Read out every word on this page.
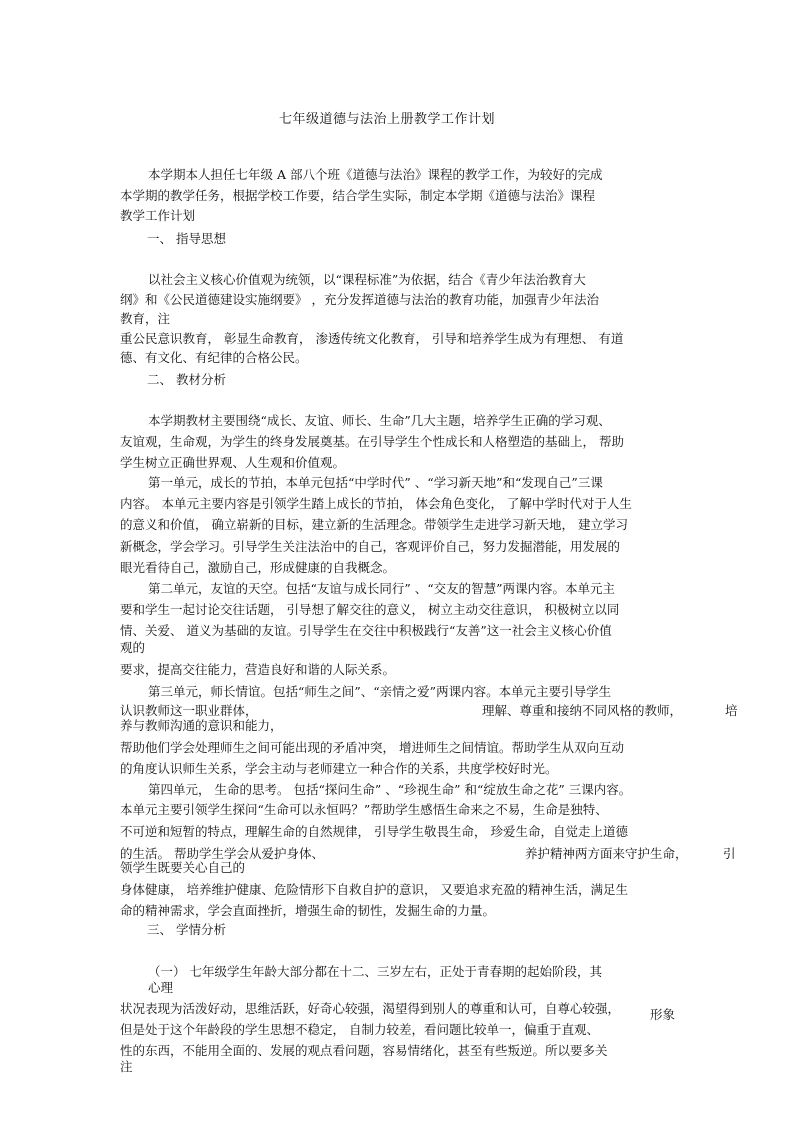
七年级道德与法治上册教学工作计划
本学期本人担任七年级 A 部八个班《道德与法治》课程的教学工作，为较好的完成
本学期的教学任务，根据学校工作要，结合学生实际，制定本学期《道德与法治》课程
教学工作计划
一、 指导思想
以社会主义核心价值观为统领，以“课程标准”为依据，结合《青少年法治教育大
纲》和《公民道德建设实施纲要》 ，充分发挥道德与法治的教育功能，加强青少年法治
教育，注
重公民意识教育， 彰显生命教育， 渗透传统文化教育， 引导和培养学生成为有理想、 有道
德、有文化、有纪律的合格公民。
二、 教材分析
本学期教材主要围绕“成长、友谊、师长、生命”几大主题，培养学生正确的学习观、
友谊观，生命观，为学生的终身发展奠基。在引导学生个性成长和人格塑造的基础上， 帮助
学生树立正确世界观、人生观和价值观。
第一单元，成长的节拍，本单元包括“中学时代” 、“学习新天地”和“发现自己”三课
内容。 本单元主要内容是引领学生踏上成长的节拍， 体会角色变化， 了解中学时代对于人生
的意义和价值， 确立崭新的目标，建立新的生活理念。带领学生走进学习新天地， 建立学习
新概念，学会学习。引导学生关注法治中的自己，客观评价自己，努力发掘潜能，用发展的
眼光看待自己，激励自己，形成健康的自我概念。
第二单元，友谊的天空。包括“友谊与成长同行” 、“交友的智慧”两课内容。本单元主
要和学生一起讨论交往话题， 引导想了解交往的意义， 树立主动交往意识， 积极树立以同
情、关爱、 道义为基础的友谊。引导学生在交往中积极践行“友善”这一社会主义核心价值
观的
要求，提高交往能力，营造良好和谐的人际关系。
第三单元，师长情谊。包括“师生之间”、“亲情之爱”两课内容。本单元主要引导学生
认识教师这一职业群体，	理解、尊重和接纳不同风格的教师，	培
养与教师沟通的意识和能力，
帮助他们学会处理师生之间可能出现的矛盾冲突， 增进师生之间情谊。帮助学生从双向互动
的角度认识师生关系，学会主动与老师建立一种合作的关系，共度学校好时光。
第四单元， 生命的思考。 包括“探问生命” 、“珍视生命” 和“绽放生命之花” 三课内容。
本单元主要引领学生探问“生命可以永恒吗？”帮助学生感悟生命来之不易，生命是独特、
不可逆和短暂的特点，理解生命的自然规律， 引导学生敬畏生命， 珍爱生命，自觉走上道德
的生活。 帮助学生学会从爱护身体、
领学生既要关心自己的
养护精神两方面来守护生命，	引
身体健康， 培养维护健康、危险情形下自救自护的意识， 又要追求充盈的精神生活，满足生
命的精神需求，学会直面挫折，增强生命的韧性，发掘生命的力量。
三、 学情分析
（一） 七年级学生年龄大部分都在十二、三岁左右，正处于青春期的起始阶段，其
心理
状况表现为活泼好动，思维活跃，好奇心较强，渴望得到别人的尊重和认可，自尊心较强， 形象
但是处于这个年龄段的学生思想不稳定， 自制力较差，看问题比较单一，偏重于直观、
性的东西，不能用全面的、发展的观点看问题，容易情绪化，甚至有些叛逆。所以要多关
注
